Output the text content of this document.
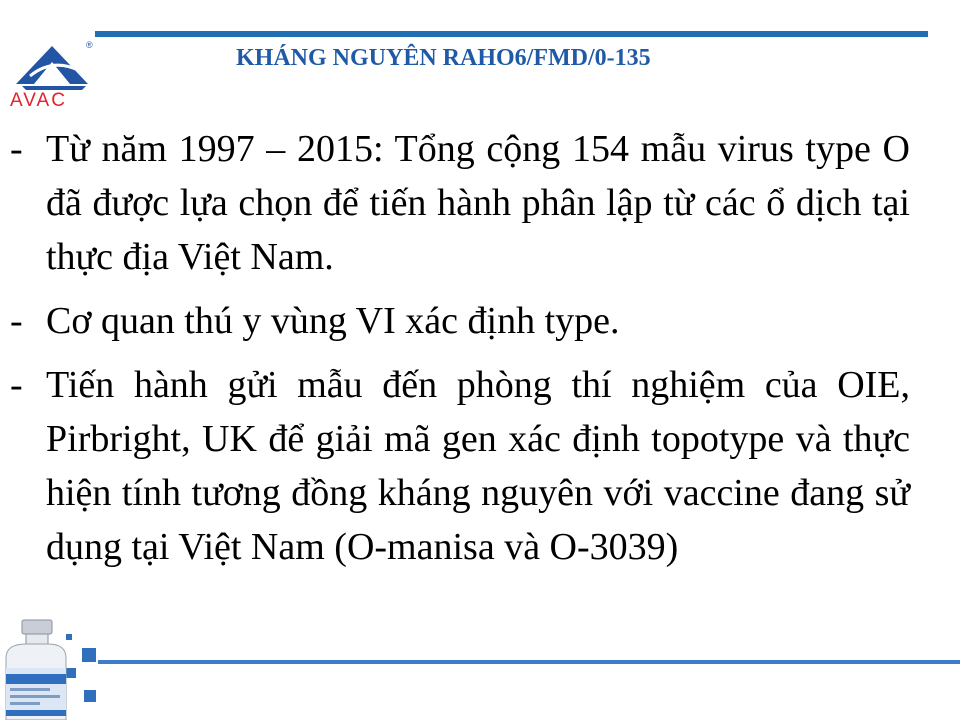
®
AVAC
KHÁNG NGUYÊN RAHO6/FMD/0-135

- Từ năm 1997 – 2015: Tổng cộng 154 mẫu virus type O đã được lựa chọn để tiến hành phân lập từ các ổ dịch tại thực địa Việt Nam.

- Cơ quan thú y vùng VI xác định type.

- Tiến hành gửi mẫu đến phòng thí nghiệm của OIE, Pirbright, UK để giải mã gen xác định topotype và thực hiện tính tương đồng kháng nguyên với vaccine đang sử dụng tại Việt Nam (O-manisa và O-3039)
